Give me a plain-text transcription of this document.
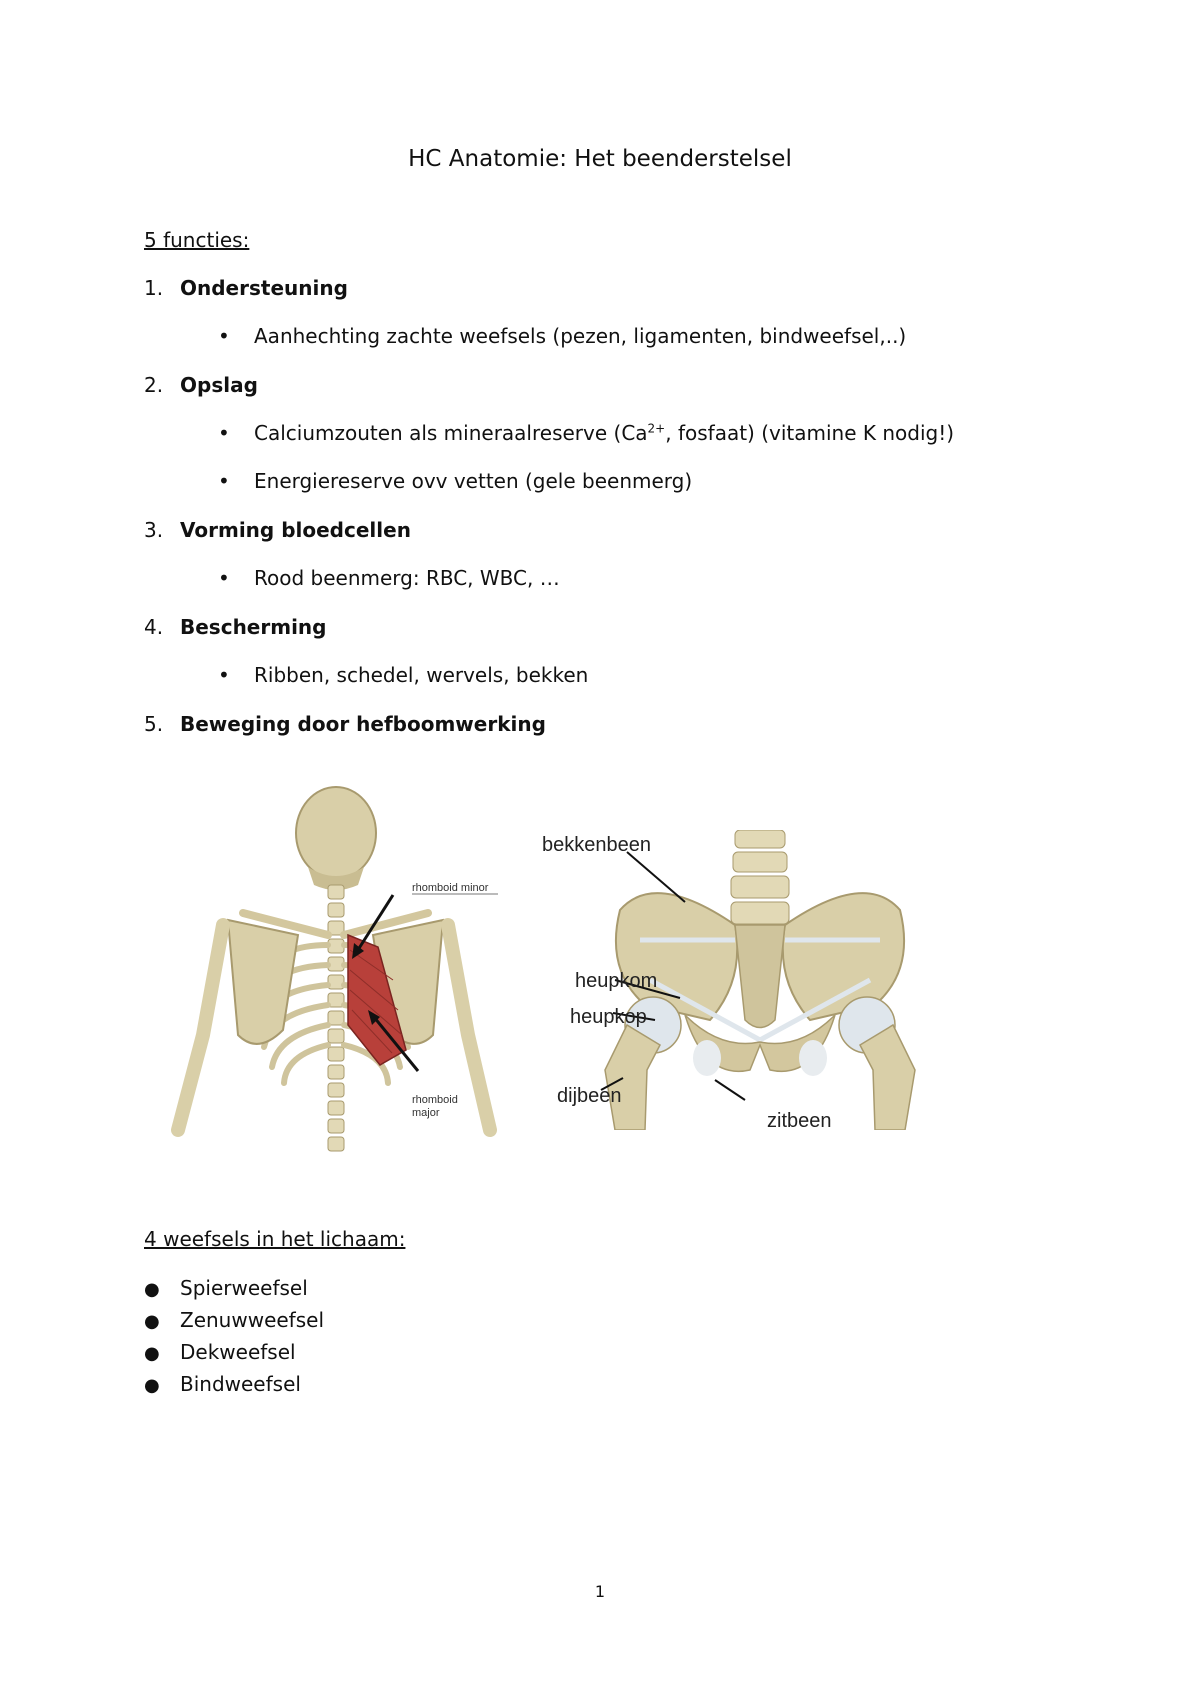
HC Anatomie: Het beenderstelsel
5 functies:
1. Ondersteuning
• Aanhechting zachte weefsels (pezen, ligamenten, bindweefsel,..)
2. Opslag
• Calciumzouten als mineraalreserve ($Ca^{2+}$, fosfaat) (vitamine K nodig!)
• Energiereserve ovv vetten (gele beenmerg)
3. Vorming bloedcellen
• Rood beenmerg: RBC, WBC, …
4. Bescherming
• Ribben, schedel, wervels, bekken
5. Beweging door hefboomwerking
rhomboid minor
rhomboid
major
bekkenbeen
heupkom
heupkop
dijbeen
zitbeen
4 weefsels in het lichaam:
● Spierweefsel
● Zenuwweefsel
● Dekweefsel
● Bindweefsel
1
